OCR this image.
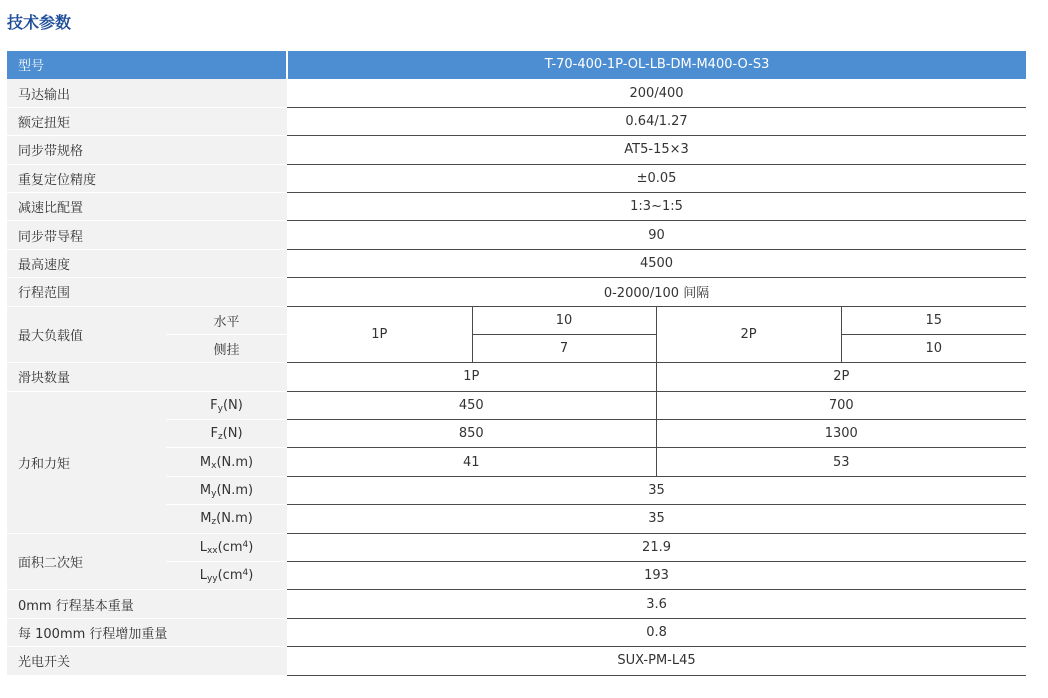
技术参数
型号		T-70-400-1P-OL-LB-DM-M400-O-S3			
马达输出		200/400			
额定扭矩		0.64/1.27			
同步带规格		AT5-15×3			
重复定位精度		±0.05			
减速比配置		1:3~1:5			
同步带导程		90			
最高速度		4500			
行程范围		0-2000/100 间隔			
最大负载值	水平	1P	10	2P	15
	侧挂		7		10
滑块数量		1P		2P	
力和力矩	$F_y(N)$	450		700	
	$F_z(N)$	850		1300	
	$M_x(N.m)$	41		53	
	$M_y(N.m)$	35			
	$M_z(N.m)$	35			
面积二次矩	$L_{xx}(cm^4)$	21.9			
	$L_{yy}(cm^4)$	193			
0mm 行程基本重量		3.6			
每 100mm 行程增加重量		0.8			
光电开关		SUX-PM-L45			
